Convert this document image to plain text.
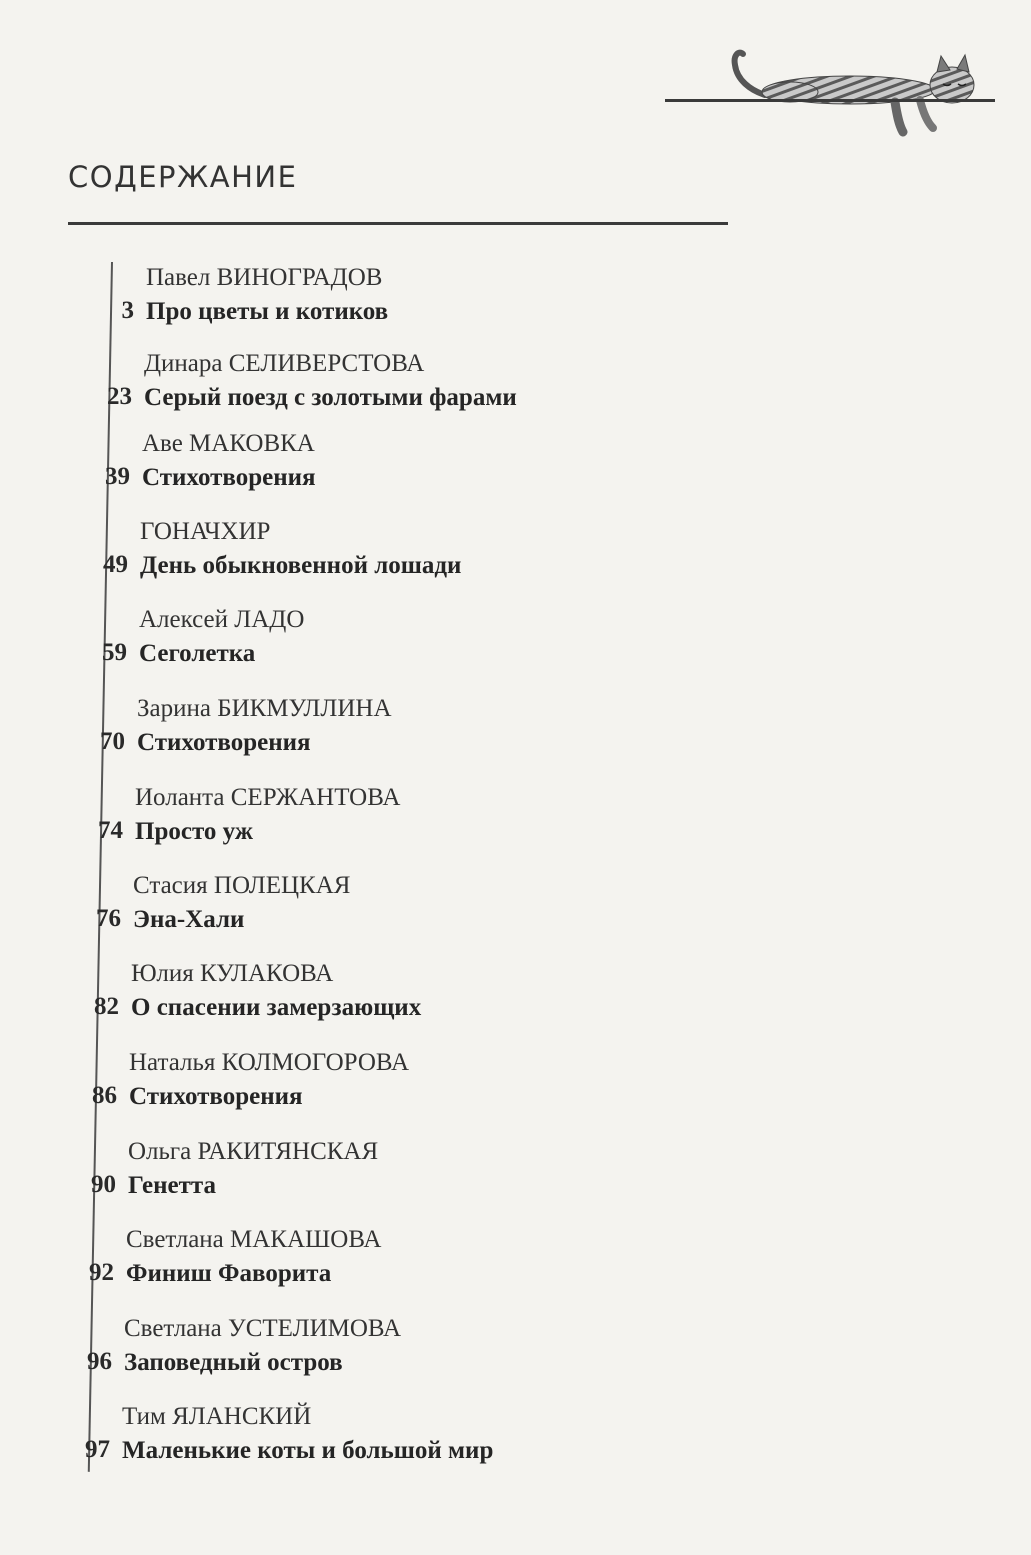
СОДЕРЖАНИЕ
3
Павел ВИНОГРАДОВ
Про цветы и котиков
23
Динара СЕЛИВЕРСТОВА
Серый поезд с золотыми фарами
39
Аве МАКОВКА
Стихотворения
49
ГОНАЧХИР
День обыкновенной лошади
59
Алексей ЛАДО
Сеголетка
70
Зарина БИКМУЛЛИНА
Стихотворения
74
Иоланта СЕРЖАНТОВА
Просто уж
76
Стасия ПОЛЕЦКАЯ
Эна-Хали
82
Юлия КУЛАКОВА
О спасении замерзающих
86
Наталья КОЛМОГОРОВА
Стихотворения
90
Ольга РАКИТЯНСКАЯ
Генетта
92
Светлана МАКАШОВА
Финиш Фаворита
96
Светлана УСТЕЛИМОВА
Заповедный остров
97
Тим ЯЛАНСКИЙ
Маленькие коты и большой мир
